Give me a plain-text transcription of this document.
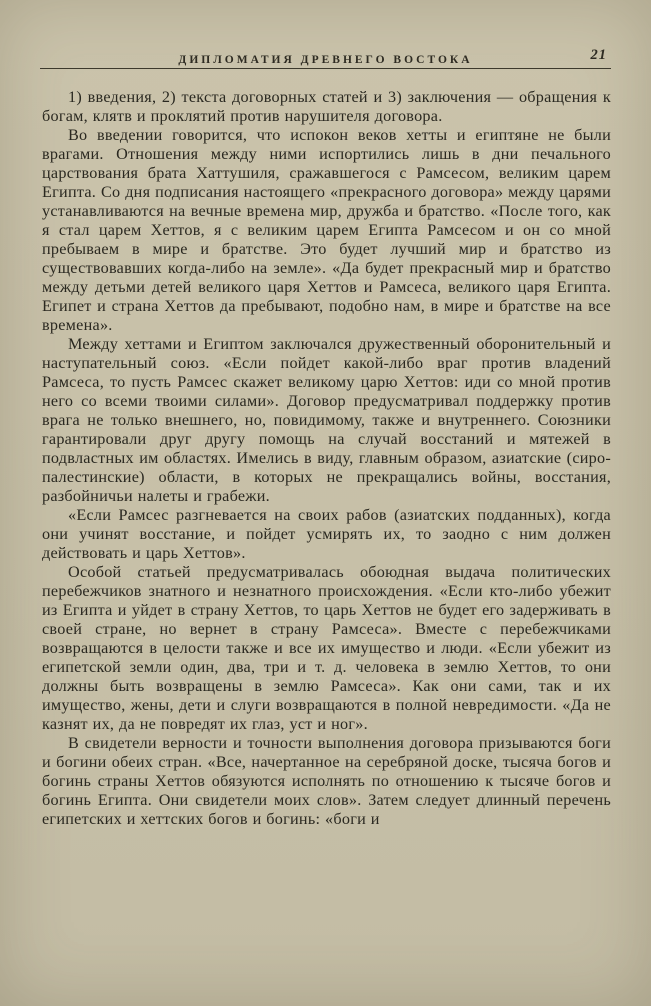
ДИПЛОМАТИЯ ДРЕВНЕГО ВОСТОКА	21

1) введения, 2) текста договорных статей и 3) заключения — обращения к богам, клятв и проклятий против нарушителя договора.

Во введении говорится, что испокон веков хетты и египтяне не были врагами. Отношения между ними испортились лишь в дни печального царствования брата Хаттушиля, сражавшегося с Рамсесом, великим царем Египта. Со дня подписания настоящего «прекрасного договора» между царями устанавливаются на вечные времена мир, дружба и братство. «После того, как я стал царем Хеттов, я с великим царем Египта Рамсесом и он со мной пребываем в мире и братстве. Это будет лучший мир и братство из существовавших когда-либо на земле». «Да будет прекрасный мир и братство между детьми детей великого царя Хеттов и Рамсеса, великого царя Египта. Египет и страна Хеттов да пребывают, подобно нам, в мире и братстве на все времена».

Между хеттами и Египтом заключался дружественный оборонительный и наступательный союз. «Если пойдет какой-либо враг против владений Рамсеса, то пусть Рамсес скажет великому царю Хеттов: иди со мной против него со всеми твоими силами». Договор предусматривал поддержку против врага не только внешнего, но, повидимому, также и внутреннего. Союзники гарантировали друг другу помощь на случай восстаний и мятежей в подвластных им областях. Имелись в виду, главным образом, азиатские (сиро-палестинские) области, в которых не прекращались войны, восстания, разбойничьи налеты и грабежи.

«Если Рамсес разгневается на своих рабов (азиатских подданных), когда они учинят восстание, и пойдет усмирять их, то заодно с ним должен действовать и царь Хеттов».

Особой статьей предусматривалась обоюдная выдача политических перебежчиков знатного и незнатного происхождения. «Если кто-либо убежит из Египта и уйдет в страну Хеттов, то царь Хеттов не будет его задерживать в своей стране, но вернет в страну Рамсеса». Вместе с перебежчиками возвращаются в целости также и все их имущество и люди. «Если убежит из египетской земли один, два, три и т. д. человека в землю Хеттов, то они должны быть возвращены в землю Рамсеса». Как они сами, так и их имущество, жены, дети и слуги возвращаются в полной невредимости. «Да не казнят их, да не повредят их глаз, уст и ног».

В свидетели верности и точности выполнения договора призываются боги и богини обеих стран. «Все, начертанное на серебряной доске, тысяча богов и богинь страны Хеттов обязуются исполнять по отношению к тысяче богов и богинь Египта. Они свидетели моих слов». Затем следует длинный перечень египетских и хеттских богов и богинь: «боги и
